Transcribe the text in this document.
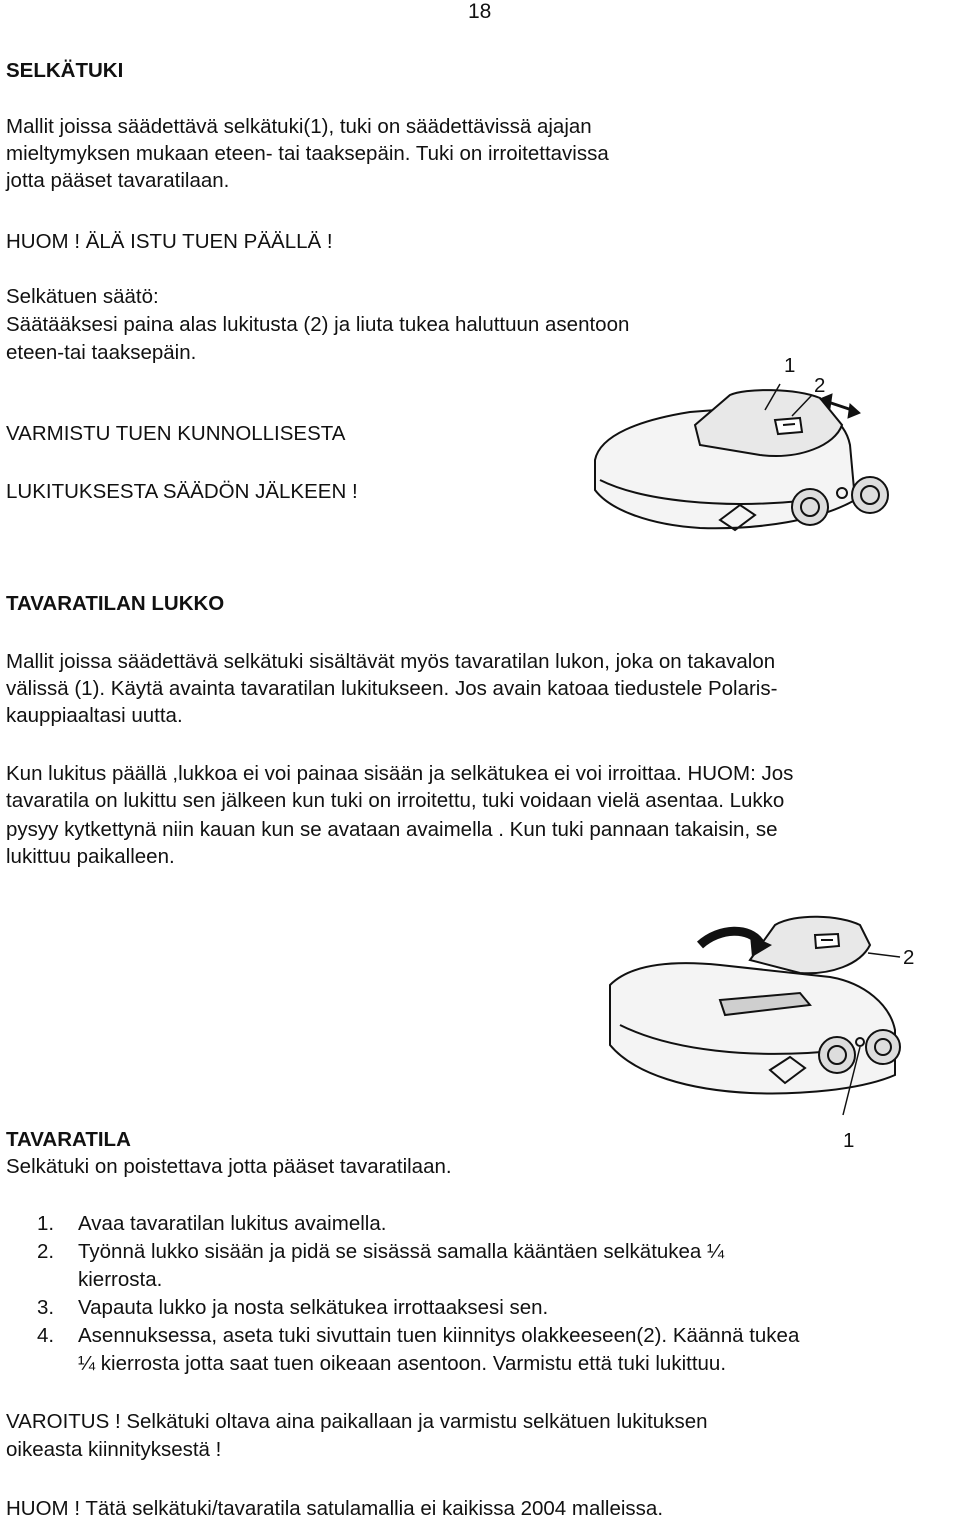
18

SELKÄTUKI

Mallit joissa säädettävä selkätuki(1), tuki on säädettävissä ajajan

mieltymyksen mukaan eteen- tai taaksepäin. Tuki on irroitettavissa

jotta pääset tavaratilaan.

HUOM ! ÄLÄ ISTU TUEN PÄÄLLÄ !

Selkätuen säätö:

Säätääksesi paina alas lukitusta (2) ja liuta tukea haluttuun asentoon

eteen-tai taaksepäin.

VARMISTU TUEN KUNNOLLISESTA

LUKITUKSESTA SÄÄDÖN JÄLKEEN !

1
2

TAVARATILAN LUKKO

Mallit joissa säädettävä selkätuki sisältävät myös tavaratilan lukon, joka on takavalon

välissä (1). Käytä avainta tavaratilan lukitukseen. Jos avain katoaa tiedustele Polaris-

kauppiaaltasi uutta.

Kun lukitus päällä ,lukkoa ei voi painaa sisään ja selkätukea ei voi irroittaa. HUOM: Jos

tavaratila on lukittu sen jälkeen kun tuki on irroitettu, tuki voidaan vielä asentaa. Lukko

pysyy kytkettynä niin kauan kun se avataan avaimella . Kun tuki pannaan takaisin, se

lukittuu paikalleen.

2
1

TAVARATILA

Selkätuki on poistettava jotta pääset tavaratilaan.

1. Avaa tavaratilan lukitus avaimella.

2. Työnnä lukko sisään ja pidä se sisässä samalla kääntäen selkätukea ¼

kierrosta.

3. Vapauta lukko ja nosta selkätukea irrottaaksesi sen.

4. Asennuksessa, aseta tuki sivuttain tuen kiinnitys olakkeeseen(2). Käännä tukea

¼ kierrosta jotta saat tuen oikeaan asentoon. Varmistu että tuki lukittuu.

VAROITUS ! Selkätuki oltava aina paikallaan ja varmistu selkätuen lukituksen

oikeasta kiinnityksestä !

HUOM ! Tätä selkätuki/tavaratila satulamallia ei kaikissa 2004 malleissa.
